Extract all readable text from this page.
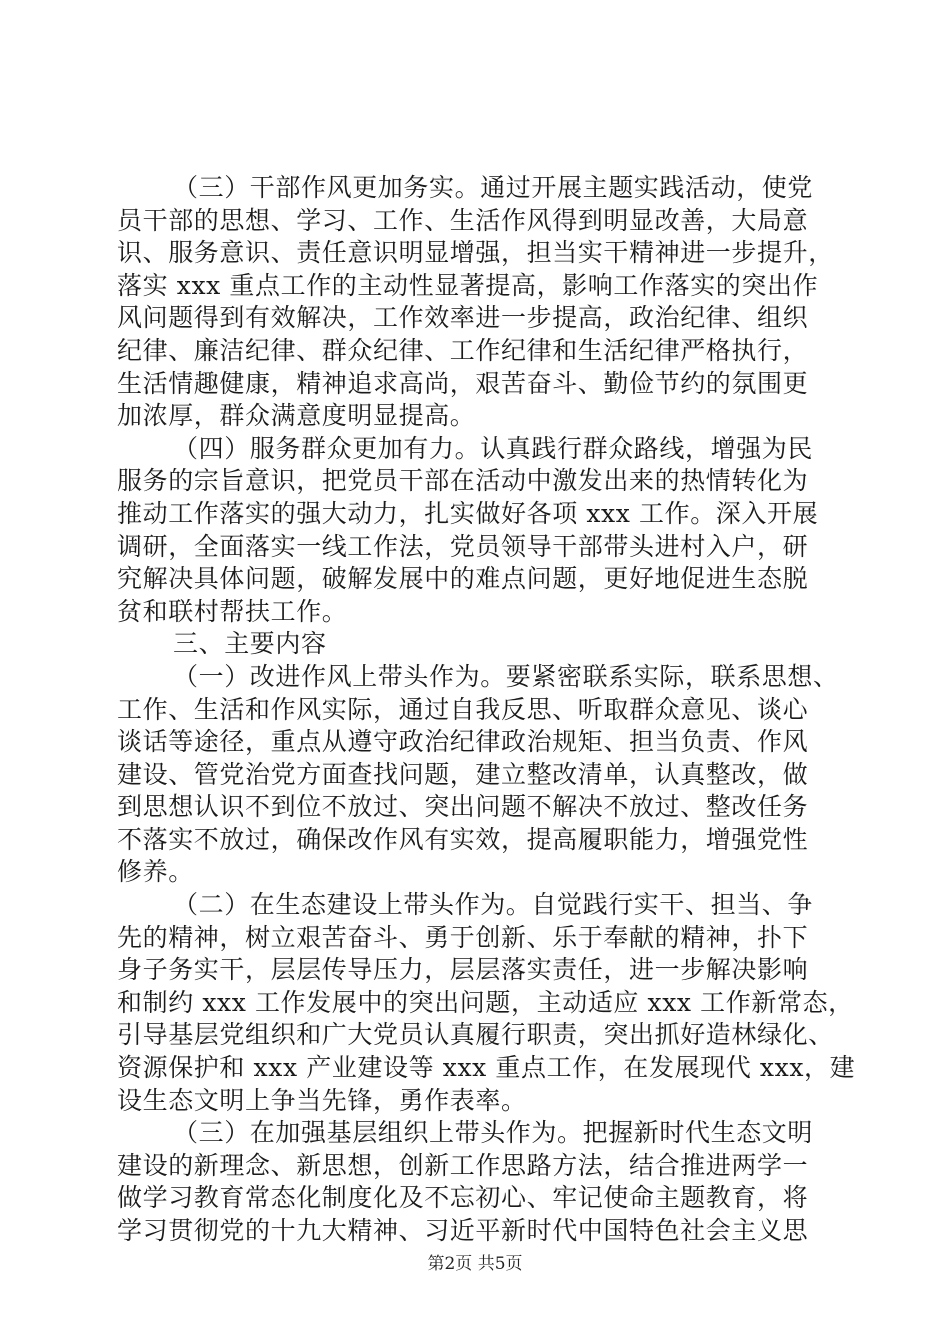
（三）干部作风更加务实。通过开展主题实践活动，使党
员干部的思想、学习、工作、生活作风得到明显改善，大局意
识、服务意识、责任意识明显增强，担当实干精神进一步提升，
落实 xxx 重点工作的主动性显著提高，影响工作落实的突出作
风问题得到有效解决，工作效率进一步提高，政治纪律、组织
纪律、廉洁纪律、群众纪律、工作纪律和生活纪律严格执行，
生活情趣健康，精神追求高尚，艰苦奋斗、勤俭节约的氛围更
加浓厚，群众满意度明显提高。
（四）服务群众更加有力。认真践行群众路线，增强为民
服务的宗旨意识，把党员干部在活动中激发出来的热情转化为
推动工作落实的强大动力，扎实做好各项 xxx 工作。深入开展
调研，全面落实一线工作法，党员领导干部带头进村入户，研
究解决具体问题，破解发展中的难点问题，更好地促进生态脱
贫和联村帮扶工作。
三、主要内容
（一）改进作风上带头作为。要紧密联系实际，联系思想、
工作、生活和作风实际，通过自我反思、听取群众意见、谈心
谈话等途径，重点从遵守政治纪律政治规矩、担当负责、作风
建设、管党治党方面查找问题，建立整改清单，认真整改，做
到思想认识不到位不放过、突出问题不解决不放过、整改任务
不落实不放过，确保改作风有实效，提高履职能力，增强党性
修养。
（二）在生态建设上带头作为。自觉践行实干、担当、争
先的精神，树立艰苦奋斗、勇于创新、乐于奉献的精神，扑下
身子务实干，层层传导压力，层层落实责任，进一步解决影响
和制约 xxx 工作发展中的突出问题，主动适应 xxx 工作新常态，
引导基层党组织和广大党员认真履行职责，突出抓好造林绿化、
资源保护和 xxx 产业建设等 xxx 重点工作，在发展现代 xxx，建
设生态文明上争当先锋，勇作表率。
（三）在加强基层组织上带头作为。把握新时代生态文明
建设的新理念、新思想，创新工作思路方法，结合推进两学一
做学习教育常态化制度化及不忘初心、牢记使命主题教育，将
学习贯彻党的十九大精神、习近平新时代中国特色社会主义思
第2页 共5页
